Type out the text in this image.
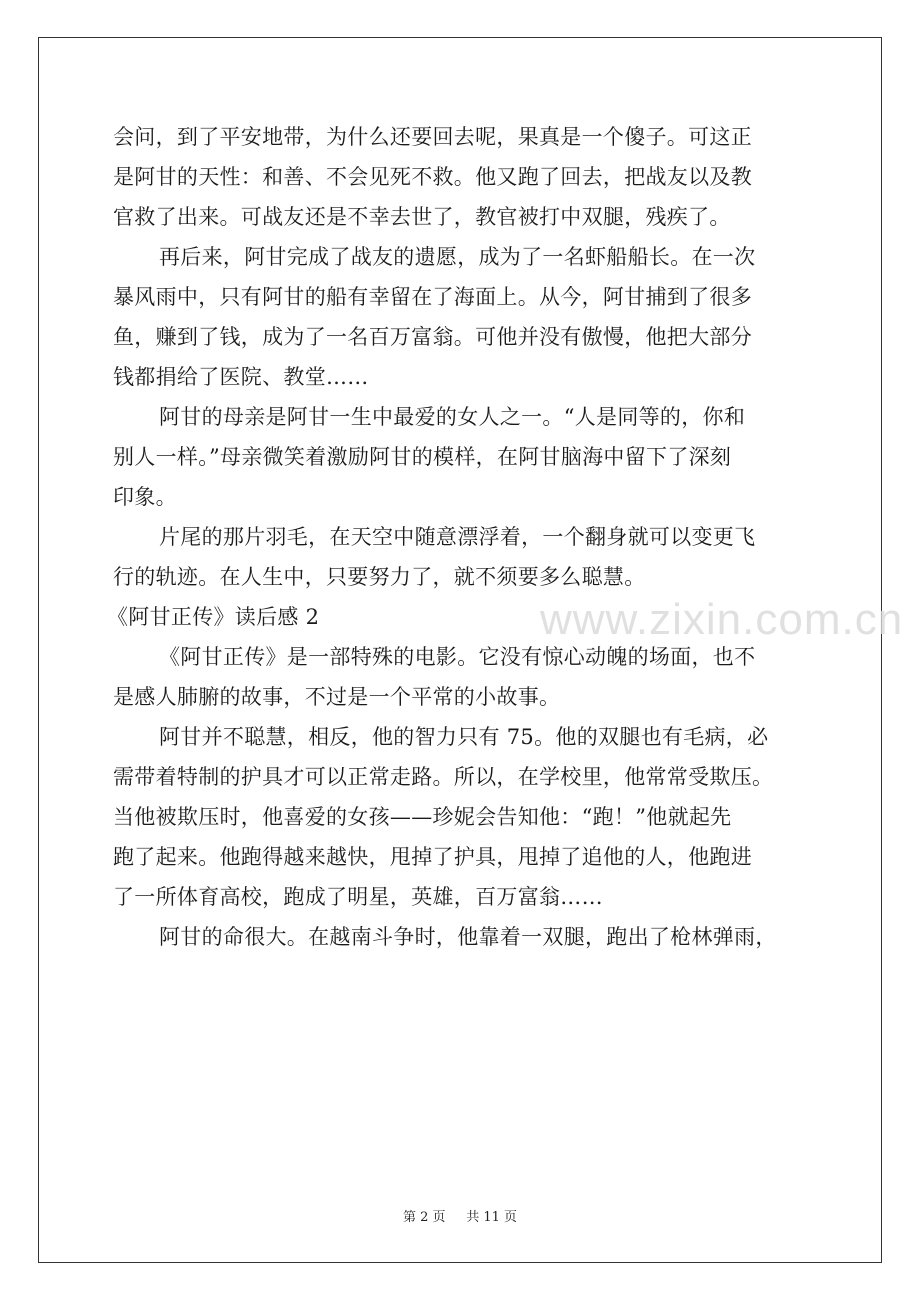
www.zixin.com.cn
会问，到了平安地带，为什么还要回去呢，果真是一个傻子。可这正
是阿甘的天性：和善、不会见死不救。他又跑了回去，把战友以及教
官救了出来。可战友还是不幸去世了，教官被打中双腿，残疾了。
再后来，阿甘完成了战友的遗愿，成为了一名虾船船长。在一次
暴风雨中，只有阿甘的船有幸留在了海面上。从今，阿甘捕到了很多
鱼，赚到了钱，成为了一名百万富翁。可他并没有傲慢，他把大部分
钱都捐给了医院、教堂……
阿甘的母亲是阿甘一生中最爱的女人之一。“人是同等的，你和
别人一样。”母亲微笑着激励阿甘的模样，在阿甘脑海中留下了深刻
印象。
片尾的那片羽毛，在天空中随意漂浮着，一个翻身就可以变更飞
行的轨迹。在人生中，只要努力了，就不须要多么聪慧。
《阿甘正传》读后感 2
《阿甘正传》是一部特殊的电影。它没有惊心动魄的场面，也不
是感人肺腑的故事，不过是一个平常的小故事。
阿甘并不聪慧，相反，他的智力只有 75。他的双腿也有毛病，必
需带着特制的护具才可以正常走路。所以，在学校里，他常常受欺压。
当他被欺压时，他喜爱的女孩——珍妮会告知他：“跑！”他就起先
跑了起来。他跑得越来越快，甩掉了护具，甩掉了追他的人，他跑进
了一所体育高校，跑成了明星，英雄，百万富翁……
阿甘的命很大。在越南斗争时，他靠着一双腿，跑出了枪林弹雨，
第 2 页 共 11 页
